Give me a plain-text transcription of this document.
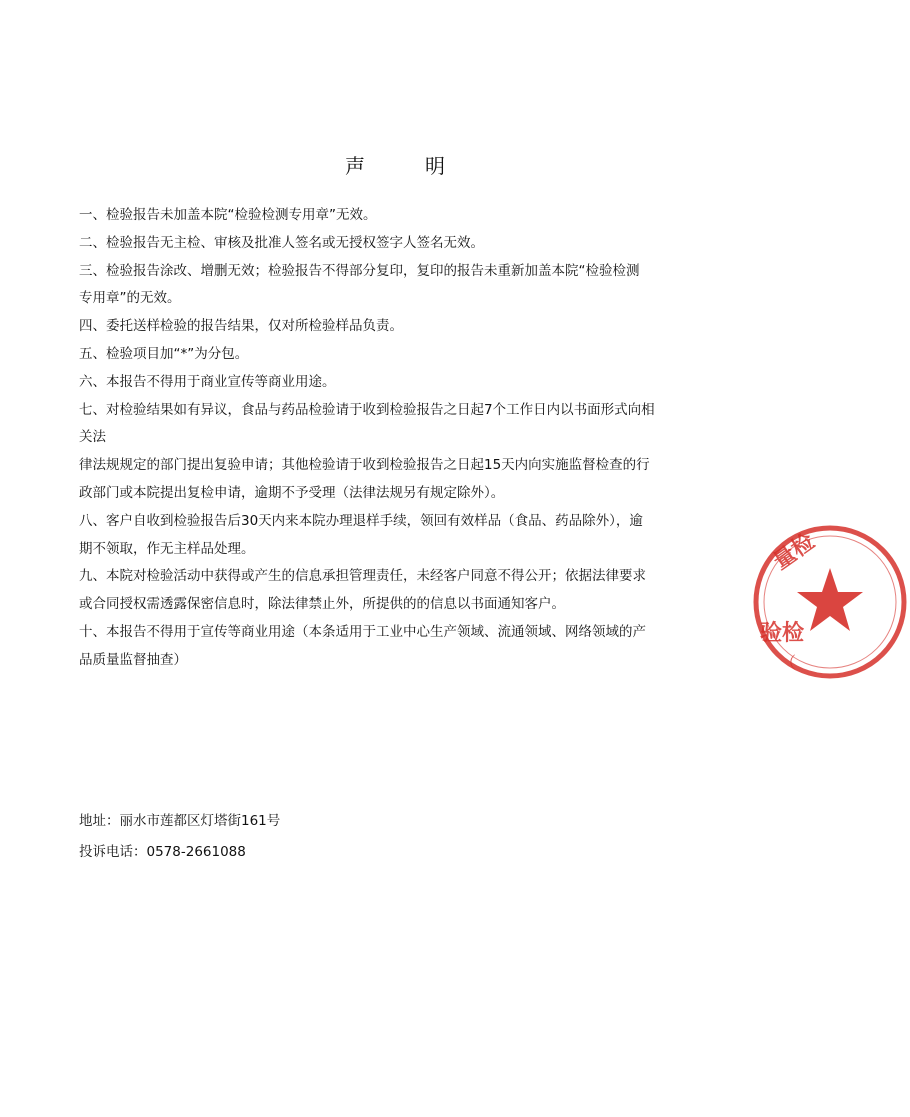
声　明
一、检验报告未加盖本院“检验检测专用章”无效。
二、检验报告无主检、审核及批准人签名或无授权签字人签名无效。
三、检验报告涂改、增删无效；检验报告不得部分复印，复印的报告未重新加盖本院“检验检测
专用章”的无效。
四、委托送样检验的报告结果，仅对所检验样品负责。
五、检验项目加“*”为分包。
六、本报告不得用于商业宣传等商业用途。
七、对检验结果如有异议，食品与药品检验请于收到检验报告之日起7个工作日内以书面形式向相
关法
律法规规定的部门提出复验申请；其他检验请于收到检验报告之日起15天内向实施监督检查的行
政部门或本院提出复检申请，逾期不予受理（法律法规另有规定除外）。
八、客户自收到检验报告后30天内来本院办理退样手续，领回有效样品（食品、药品除外），逾
期不领取，作无主样品处理。
九、本院对检验活动中获得或产生的信息承担管理责任，未经客户同意不得公开；依据法律要求
或合同授权需透露保密信息时，除法律禁止外，所提供的的信息以书面通知客户。
十、本报告不得用于宣传等商业用途（本条适用于工业中心生产领域、流通领域、网络领域的产
品质量监督抽查）
地址：丽水市莲都区灯塔街161号
投诉电话：0578-2661088
量检
验检
（
